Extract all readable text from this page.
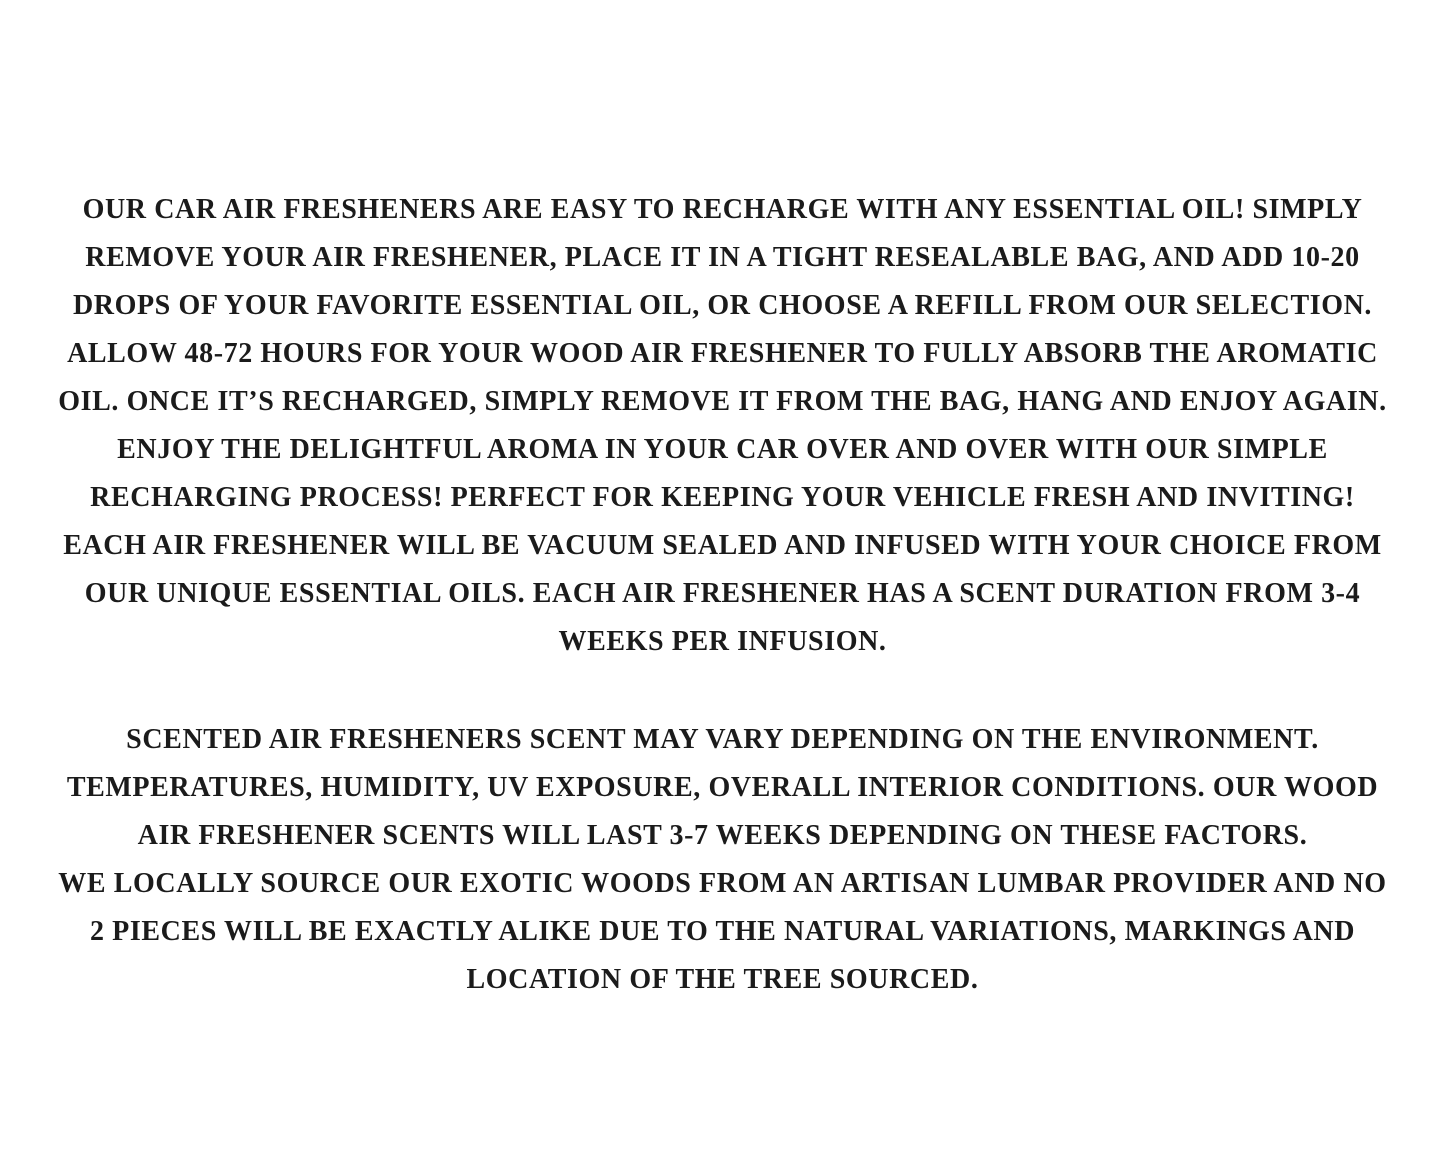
OUR CAR AIR FRESHENERS ARE EASY TO RECHARGE WITH ANY ESSENTIAL OIL! SIMPLY
REMOVE YOUR AIR FRESHENER, PLACE IT IN A TIGHT RESEALABLE BAG, AND ADD 10-20
DROPS OF YOUR FAVORITE ESSENTIAL OIL, OR CHOOSE A REFILL FROM OUR SELECTION.
ALLOW 48-72 HOURS FOR YOUR WOOD AIR FRESHENER TO FULLY ABSORB THE AROMATIC
OIL. ONCE IT’S RECHARGED, SIMPLY REMOVE IT FROM THE BAG, HANG AND ENJOY AGAIN.
ENJOY THE DELIGHTFUL AROMA IN YOUR CAR OVER AND OVER WITH OUR SIMPLE
RECHARGING PROCESS! PERFECT FOR KEEPING YOUR VEHICLE FRESH AND INVITING!
EACH AIR FRESHENER WILL BE VACUUM SEALED AND INFUSED WITH YOUR CHOICE FROM
OUR UNIQUE ESSENTIAL OILS. EACH AIR FRESHENER HAS A SCENT DURATION FROM 3-4
WEEKS PER INFUSION.
SCENTED AIR FRESHENERS SCENT MAY VARY DEPENDING ON THE ENVIRONMENT.
TEMPERATURES, HUMIDITY, UV EXPOSURE, OVERALL INTERIOR CONDITIONS. OUR WOOD
AIR FRESHENER SCENTS WILL LAST 3-7 WEEKS DEPENDING ON THESE FACTORS.
WE LOCALLY SOURCE OUR EXOTIC WOODS FROM AN ARTISAN LUMBAR PROVIDER AND NO
2 PIECES WILL BE EXACTLY ALIKE DUE TO THE NATURAL VARIATIONS, MARKINGS AND
LOCATION OF THE TREE SOURCED.
